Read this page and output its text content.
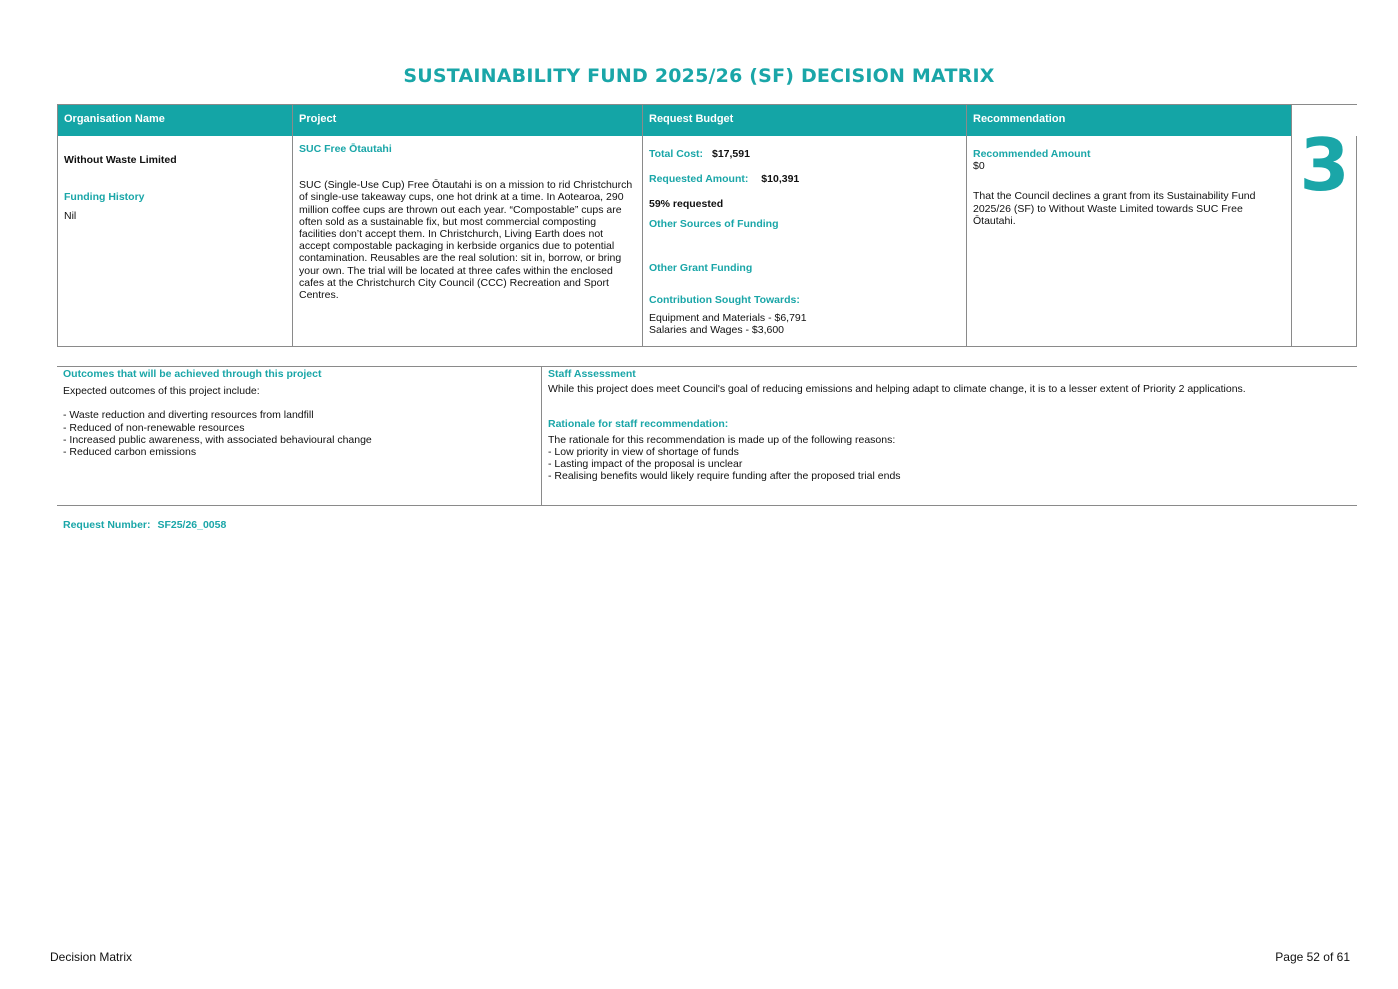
SUSTAINABILITY FUND 2025/26 (SF) DECISION MATRIX
Organisation Name
Without Waste Limited
Funding History
Nil
Project
SUC Free Ōtautahi

SUC (Single-Use Cup) Free Ōtautahi is on a mission to rid Christchurch of single-use takeaway cups, one hot drink at a time. In Aotearoa, 290 million coffee cups are thrown out each year. “Compostable” cups are often sold as a sustainable fix, but most commercial composting facilities don’t accept them. In Christchurch, Living Earth does not accept compostable packaging in kerbside organics due to potential contamination. Reusables are the real solution: sit in, borrow, or bring your own. The trial will be located at three cafes within the enclosed cafes at the Christchurch City Council (CCC) Recreation and Sport Centres.

Request Budget
Total Cost: $17,591
Requested Amount: $10,391
59% requested
Other Sources of Funding
Other Grant Funding
Contribution Sought Towards:
Equipment and Materials - $6,791
Salaries and Wages - $3,600
Recommendation
Recommended Amount
$0

That the Council declines a grant from its Sustainability Fund 2025/26 (SF) to Without Waste Limited towards SUC Free Ōtautahi.

3
Outcomes that will be achieved through this project
Expected outcomes of this project include:
- Waste reduction and diverting resources from landfill
- Reduced of non-renewable resources
- Increased public awareness, with associated behavioural change
- Reduced carbon emissions
Staff Assessment
While this project does meet Council's goal of reducing emissions and helping adapt to climate change, it is to a lesser extent of Priority 2 applications.
Rationale for staff recommendation:
The rationale for this recommendation is made up of the following reasons:
- Low priority in view of shortage of funds
- Lasting impact of the proposal is unclear
- Realising benefits would likely require funding after the proposed trial ends
Request Number: SF25/26_0058
Decision Matrix	Page 52 of 61
